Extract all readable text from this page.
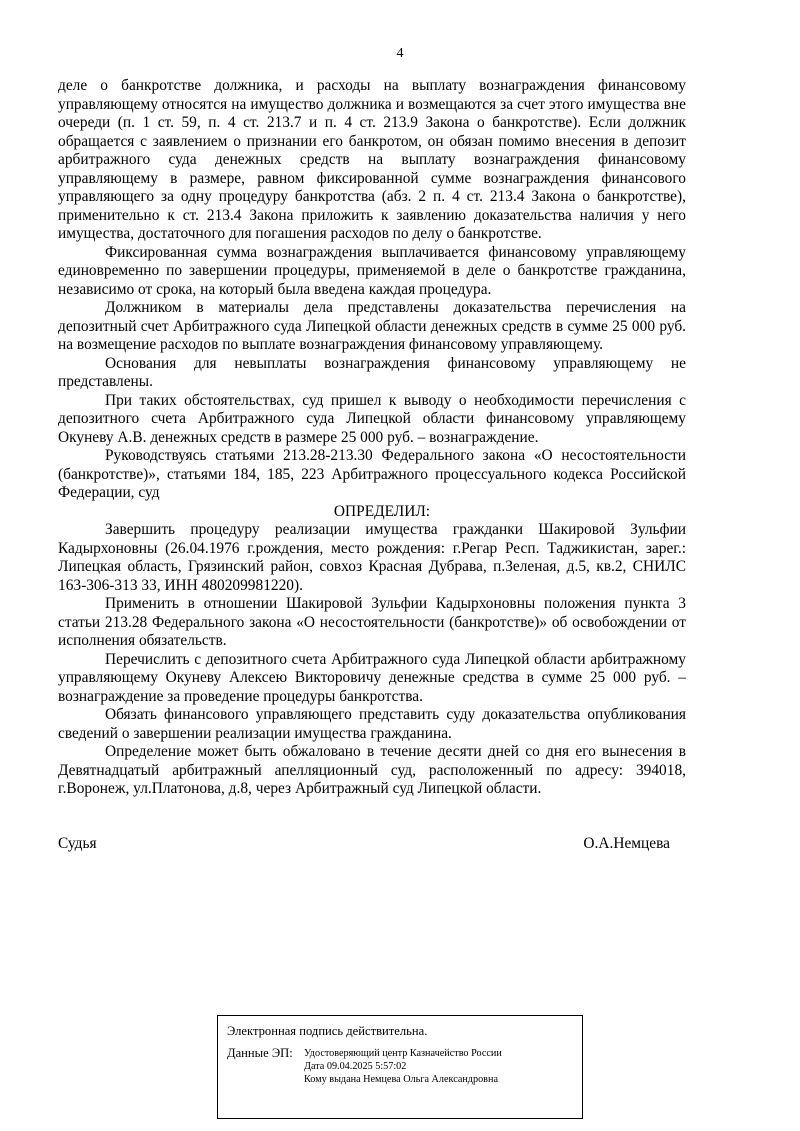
4

деле о банкротстве должника, и расходы на выплату вознаграждения финансовому управляющему относятся на имущество должника и возмещаются за счет этого имущества вне очереди (п. 1 ст. 59, п. 4 ст. 213.7 и п. 4 ст. 213.9 Закона о банкротстве). Если должник обращается с заявлением о признании его банкротом, он обязан помимо внесения в депозит арбитражного суда денежных средств на выплату вознаграждения финансовому управляющему в размере, равном фиксированной сумме вознаграждения финансового управляющего за одну процедуру банкротства (абз. 2 п. 4 ст. 213.4 Закона о банкротстве), применительно к ст. 213.4 Закона приложить к заявлению доказательства наличия у него имущества, достаточного для погашения расходов по делу о банкротстве.

Фиксированная сумма вознаграждения выплачивается финансовому управляющему единовременно по завершении процедуры, применяемой в деле о банкротстве гражданина, независимо от срока, на который была введена каждая процедура.

Должником в материалы дела представлены доказательства перечисления на депозитный счет Арбитражного суда Липецкой области денежных средств в сумме 25 000 руб. на возмещение расходов по выплате вознаграждения финансовому управляющему.

Основания для невыплаты вознаграждения финансовому управляющему не представлены.

При таких обстоятельствах, суд пришел к выводу о необходимости перечисления с депозитного счета Арбитражного суда Липецкой области финансовому управляющему Окуневу А.В. денежных средств в размере 25 000 руб. – вознаграждение.

Руководствуясь статьями 213.28-213.30 Федерального закона «О несостоятельности (банкротстве)», статьями 184, 185, 223 Арбитражного процессуального кодекса Российской Федерации, суд

ОПРЕДЕЛИЛ:

Завершить процедуру реализации имущества гражданки Шакировой Зульфии Кадырхоновны (26.04.1976 г.рождения, место рождения: г.Регар Респ. Таджикистан, зарег.: Липецкая область, Грязинский район, совхоз Красная Дубрава, п.Зеленая, д.5, кв.2, СНИЛС 163-306-313 33, ИНН 480209981220).

Применить в отношении Шакировой Зульфии Кадырхоновны положения пункта 3 статьи 213.28 Федерального закона «О несостоятельности (банкротстве)» об освобождении от исполнения обязательств.

Перечислить с депозитного счета Арбитражного суда Липецкой области арбитражному управляющему Окуневу Алексею Викторовичу денежные средства в сумме 25 000 руб. – вознаграждение за проведение процедуры банкротства.

Обязать финансового управляющего представить суду доказательства опубликования сведений о завершении реализации имущества гражданина.

Определение может быть обжаловано в течение десяти дней со дня его вынесения в Девятнадцатый арбитражный апелляционный суд, расположенный по адресу: 394018, г.Воронеж, ул.Платонова, д.8, через Арбитражный суд Липецкой области.

Судья	О.А.Немцева
Электронная подпись действительна.
Данные ЭП: Удостоверяющий центр Казначейство России
Дата 09.04.2025 5:57:02
Кому выдана Немцева Ольга Александровна
